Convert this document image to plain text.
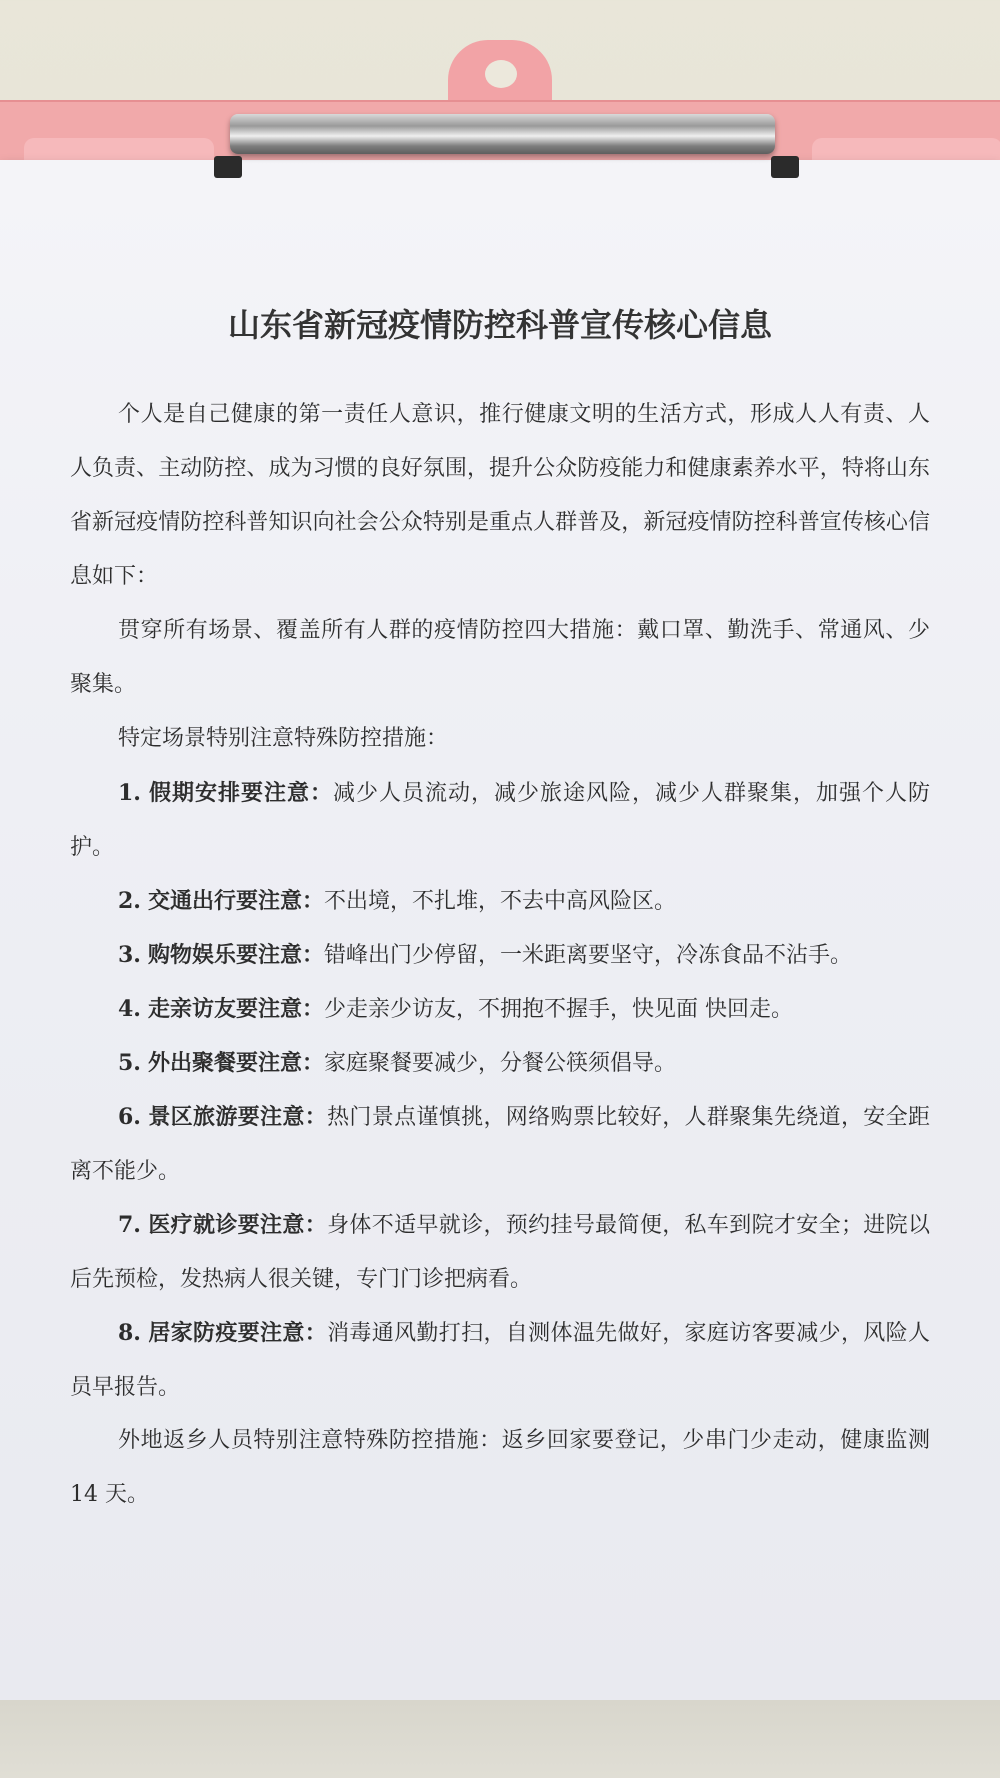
山东省新冠疫情防控科普宣传核心信息

个人是自己健康的第一责任人意识，推行健康文明的生活方式，形成人人有责、人人负责、主动防控、成为习惯的良好氛围，提升公众防疫能力和健康素养水平，特将山东省新冠疫情防控科普知识向社会公众特别是重点人群普及，新冠疫情防控科普宣传核心信息如下：

贯穿所有场景、覆盖所有人群的疫情防控四大措施：戴口罩、勤洗手、常通风、少聚集。

特定场景特别注意特殊防控措施：

1. 假期安排要注意：减少人员流动，减少旅途风险，减少人群聚集，加强个人防护。

2. 交通出行要注意：不出境，不扎堆，不去中高风险区。

3. 购物娱乐要注意：错峰出门少停留，一米距离要坚守，冷冻食品不沾手。

4. 走亲访友要注意：少走亲少访友，不拥抱不握手，快见面 快回走。

5. 外出聚餐要注意：家庭聚餐要减少，分餐公筷须倡导。

6. 景区旅游要注意：热门景点谨慎挑，网络购票比较好，人群聚集先绕道，安全距离不能少。

7. 医疗就诊要注意：身体不适早就诊，预约挂号最简便，私车到院才安全；进院以后先预检，发热病人很关键，专门门诊把病看。

8. 居家防疫要注意：消毒通风勤打扫，自测体温先做好，家庭访客要减少，风险人员早报告。

外地返乡人员特别注意特殊防控措施：返乡回家要登记，少串门少走动，健康监测 14 天。
